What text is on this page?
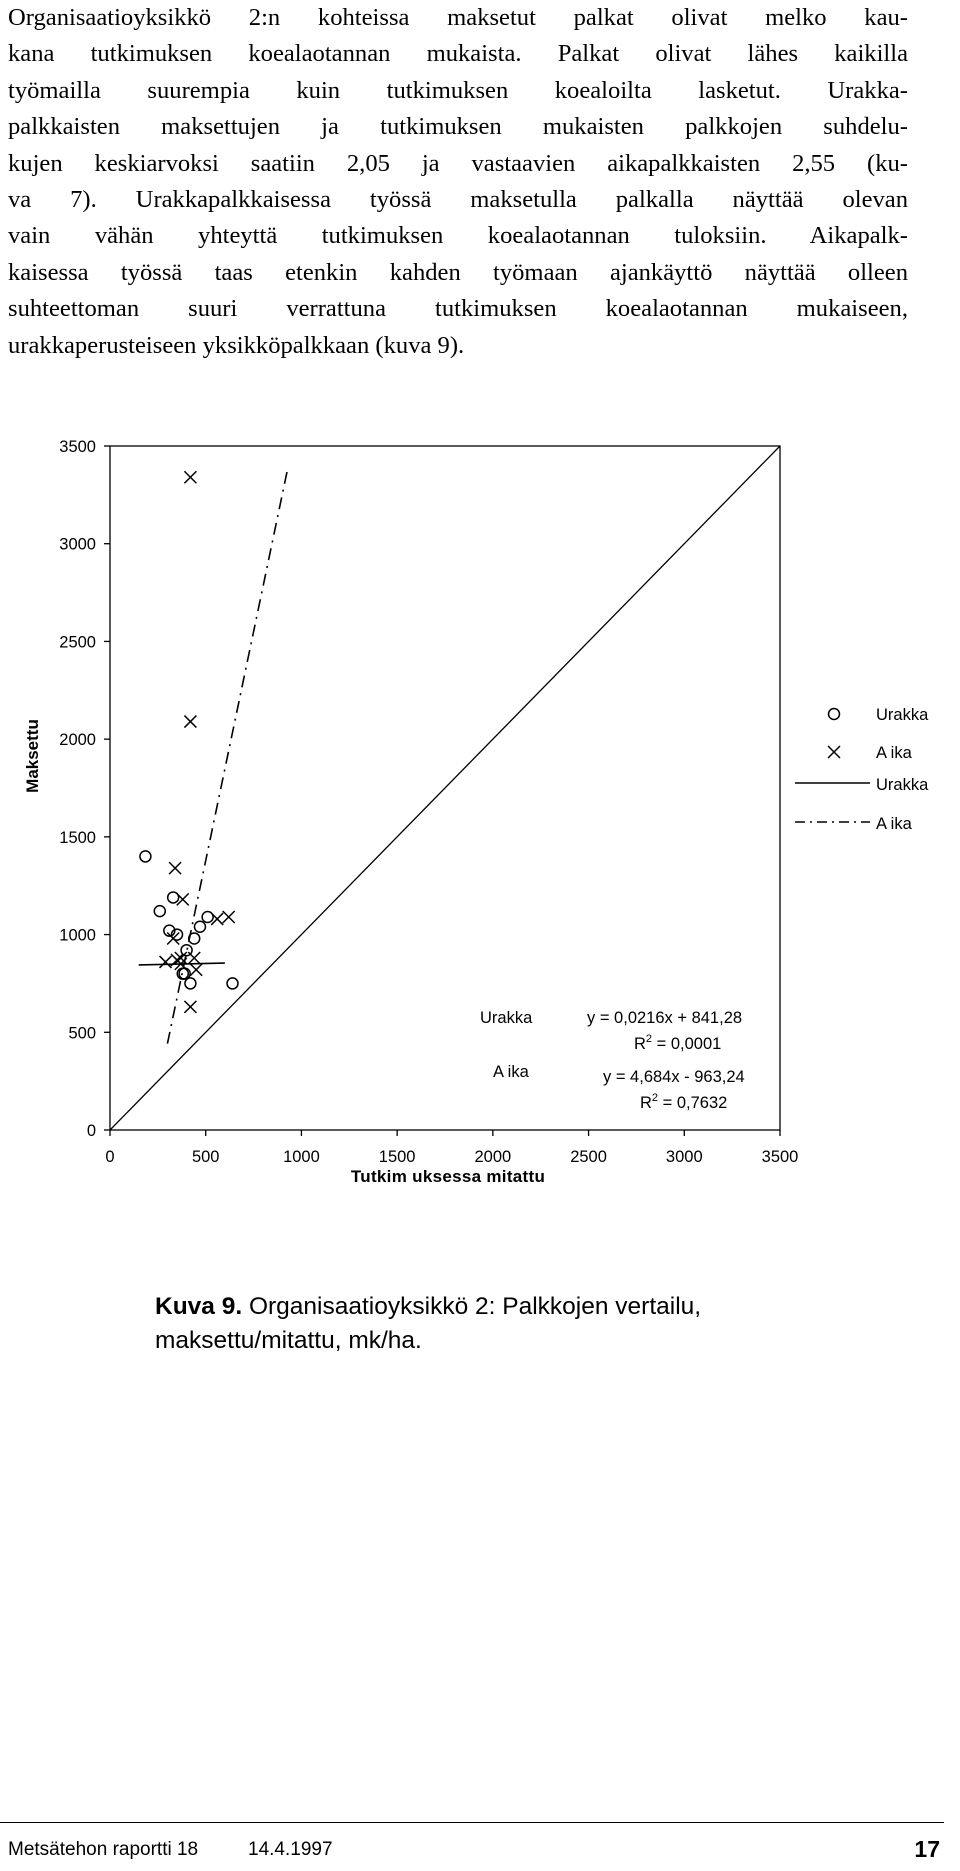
Organisaatioyksikkö 2:n kohteissa maksetut palkat olivat melko kau-
kana tutkimuksen koealaotannan mukaista. Palkat olivat lähes kaikilla
työmailla suurempia kuin tutkimuksen koealoilta lasketut. Urakka-
palkkaisten maksettujen ja tutkimuksen mukaisten palkkojen suhdelu-
kujen keskiarvoksi saatiin 2,05 ja vastaavien aikapalkkaisten 2,55 (ku-
va 7). Urakkapalkkaisessa työssä maksetulla palkalla näyttää olevan
vain vähän yhteyttä tutkimuksen koealaotannan tuloksiin. Aikapalk-
kaisessa työssä taas etenkin kahden työmaan ajankäyttö näyttää olleen
suhteettoman suuri verrattuna tutkimuksen koealaotannan mukaiseen,
urakkaperusteiseen yksikköpalkkaan (kuva 9).
0
500
1000
1500
2000
2500
3000
3500
0	500	1000	1500	2000	2500	3000	3500
Maksettu
Tutkim uksessa mitattu
Urakka
A ika
Urakka
A ika
Urakka	y = 0,0216x + 841,28
$R^2 = 0,0001$
A ika	y = 4,684x - 963,24
$R^2 = 0,7632$

Kuva 9. Organisaatioyksikkö 2: Palkkojen vertailu,
maksettu/mitattu, mk/ha.

Metsätehon raportti 18	14.4.1997	17
